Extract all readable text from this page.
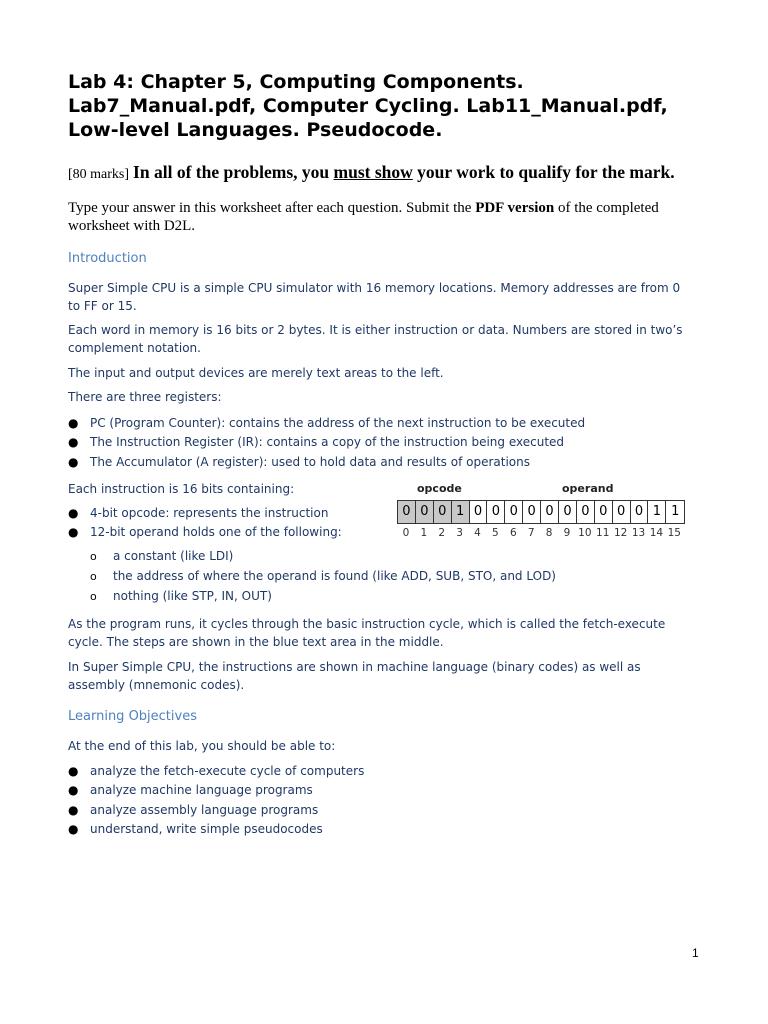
Lab 4: Chapter 5, Computing Components. Lab7_Manual.pdf, Computer Cycling. Lab11_Manual.pdf, Low-level Languages. Pseudocode.

[80 marks] In all of the problems, you must show your work to qualify for the mark.

Type your answer in this worksheet after each question. Submit the PDF version of the completed worksheet with D2L.

Introduction

Super Simple CPU is a simple CPU simulator with 16 memory locations. Memory addresses are from 0 to FF or 15.

Each word in memory is 16 bits or 2 bytes. It is either instruction or data. Numbers are stored in two’s complement notation.

The input and output devices are merely text areas to the left.

There are three registers:

● PC (Program Counter): contains the address of the next instruction to be executed
● The Instruction Register (IR): contains a copy of the instruction being executed
● The Accumulator (A register): used to hold data and results of operations

Each instruction is 16 bits containing:

● 4-bit opcode: represents the instruction
● 12-bit operand holds one of the following:
o a constant (like LDI)
o the address of where the operand is found (like ADD, SUB, STO, and LOD)
o nothing (like STP, IN, OUT)
opcode	operand
0 0 0 1 0 0 0 0 0 0 0 0 0 0 1 1
0	1	2	3	4	5	6	7	8	9 10 11 12 13 14 15

As the program runs, it cycles through the basic instruction cycle, which is called the fetch-execute cycle. The steps are shown in the blue text area in the middle.

In Super Simple CPU, the instructions are shown in machine language (binary codes) as well as assembly (mnemonic codes).

Learning Objectives

At the end of this lab, you should be able to:

● analyze the fetch-execute cycle of computers
● analyze machine language programs
● analyze assembly language programs
● understand, write simple pseudocodes
1
